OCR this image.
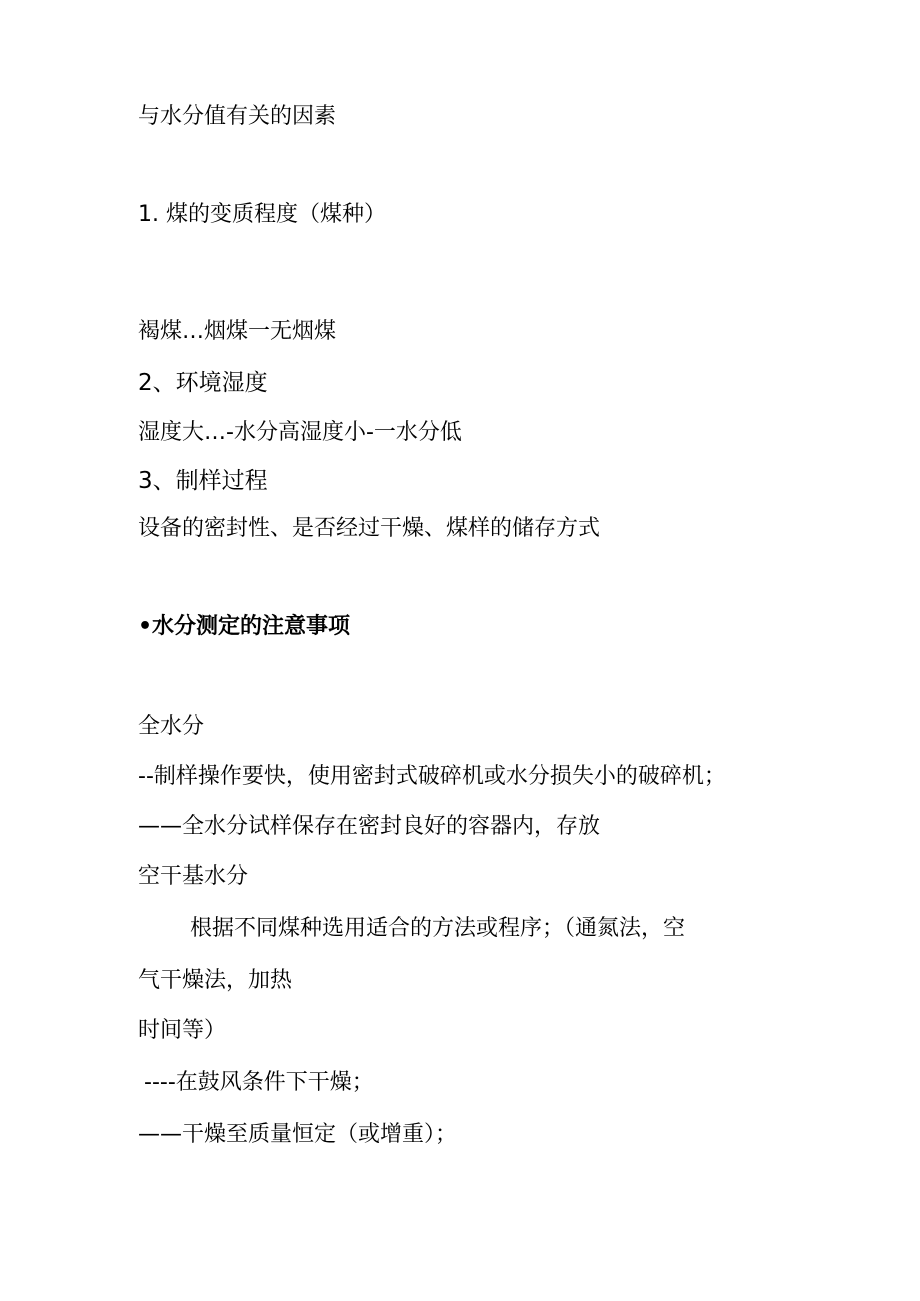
与水分值有关的因素
1. 煤的变质程度（煤种）
褐煤…烟煤一无烟煤
2、环境湿度
湿度大…-水分高湿度小-一水分低
3、制样过程
设备的密封性、是否经过干燥、煤样的储存方式
•水分测定的注意事项
全水分
--制样操作要快，使用密封式破碎机或水分损失小的破碎机；
——全水分试样保存在密封良好的容器内，存放
空干基水分
根据不同煤种选用适合的方法或程序；（通氮法，空
气干燥法，加热
时间等）
----在鼓风条件下干燥；
——干燥至质量恒定（或增重）；
